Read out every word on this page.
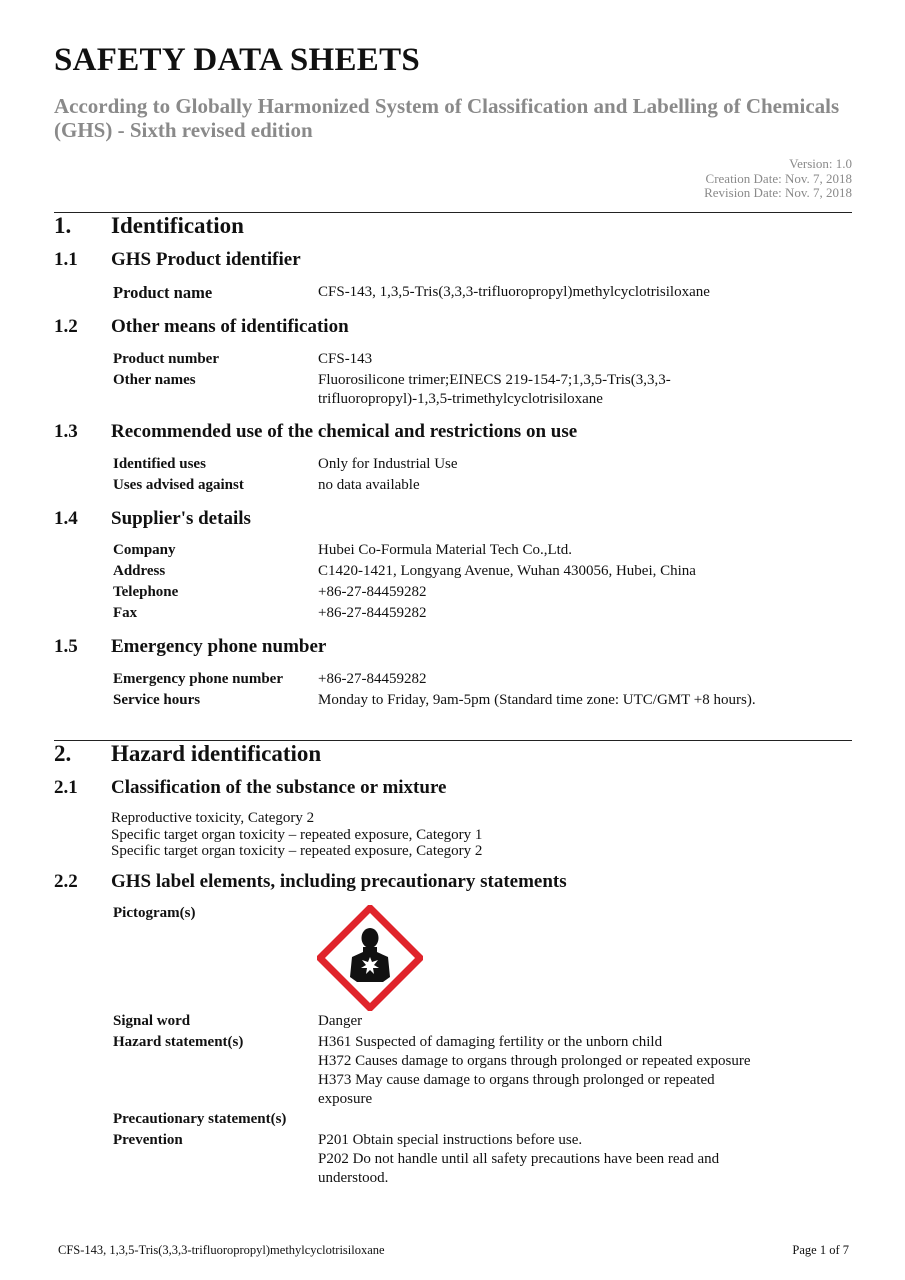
SAFETY DATA SHEETS
According to Globally Harmonized System of Classification and Labelling of Chemicals (GHS) - Sixth revised edition
Version: 1.0
Creation Date: Nov. 7, 2018
Revision Date: Nov. 7, 2018
1. Identification
1.1 GHS Product identifier
Product name	CFS-143, 1,3,5-Tris(3,3,3-trifluoropropyl)methylcyclotrisiloxane
1.2 Other means of identification
Product number	CFS-143
Other names	Fluorosilicone trimer;EINECS 219-154-7;1,3,5-Tris(3,3,3-trifluoropropyl)-1,3,5-trimethylcyclotrisiloxane
1.3 Recommended use of the chemical and restrictions on use
Identified uses	Only for Industrial Use
Uses advised against	no data available
1.4 Supplier's details
Company	Hubei Co-Formula Material Tech Co.,Ltd.
Address	C1420-1421, Longyang Avenue, Wuhan 430056, Hubei, China
Telephone	+86-27-84459282
Fax	+86-27-84459282
1.5 Emergency phone number
Emergency phone number +86-27-84459282
Service hours	Monday to Friday, 9am-5pm (Standard time zone: UTC/GMT +8 hours).
2. Hazard identification
2.1 Classification of the substance or mixture
Reproductive toxicity, Category 2
Specific target organ toxicity – repeated exposure, Category 1
Specific target organ toxicity – repeated exposure, Category 2
2.2 GHS label elements, including precautionary statements
Pictogram(s)
Signal word	Danger
Hazard statement(s)	H361 Suspected of damaging fertility or the unborn child
H372 Causes damage to organs through prolonged or repeated exposure
H373 May cause damage to organs through prolonged or repeated exposure
Precautionary statement(s)
Prevention	P201 Obtain special instructions before use.
P202 Do not handle until all safety precautions have been read and understood.
CFS-143, 1,3,5-Tris(3,3,3-trifluoropropyl)methylcyclotrisiloxane	Page 1 of 7
